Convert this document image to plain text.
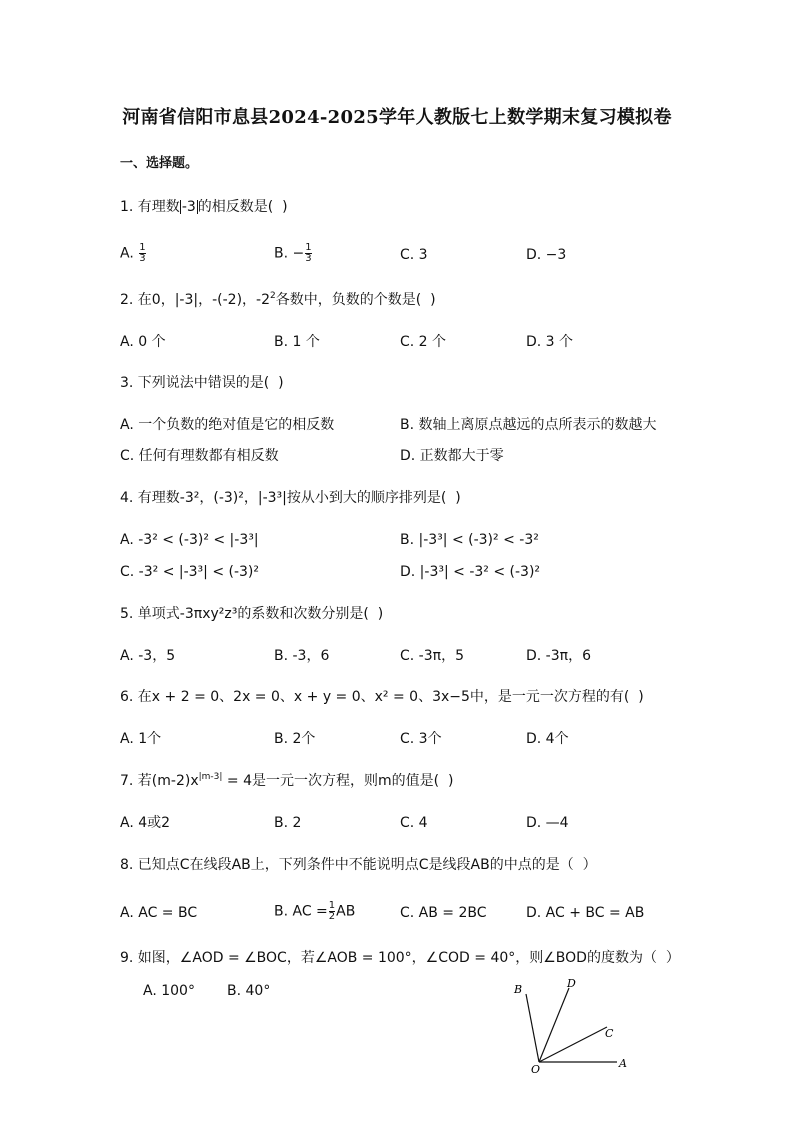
河南省信阳市息县2024-2025学年人教版七上数学期末复习模拟卷
一、选择题。
1. 有理数 -3 的相反数是(  )
A. $\frac{1}{3}$	B. − $\frac{1}{3}$	C. 3	D. −3
2. 在0，|-3|，-(-2)，$-2^2$各数中，负数的个数是(  )
A. 0 个	B. 1 个	C. 2 个	D. 3 个
3. 下列说法中错误的是(  )
A. 一个负数的绝对值是它的相反数	B. 数轴上离原点越远的点所表示的数越大
C. 任何有理数都有相反数	D. 正数都大于零
4. 有理数-3²，(-3)²，|-3³|按从小到大的顺序排列是(  )
A. -3² < (-3)² < |-3³|	B. |-3³| < (-3)² < -3²
C. -3² < |-3³| < (-3)²	D. |-3³| < -3² < (-3)²
5. 单项式-3πxy²z³的系数和次数分别是(  )
A. -3，5	B. -3，6	C. -3π，5	D. -3π，6
6. 在x + 2 = 0、2x = 0、x + y = 0、x² = 0、3x−5中，是一元一次方程的有(  )
A. 1个	B. 2个	C. 3个	D. 4个
7. 若$(m-2)x^{|m-3|} = 4$是一元一次方程，则m的值是(  )
A. 4或2	B. 2	C. 4	D. —4
8. 已知点C在线段AB上，下列条件中不能说明点C是线段AB的中点的是（  ）
A. AC = BC	B. AC = $\frac{1}{2}$ AB	C. AB = 2BC	D. AC + BC = AB
9. 如图，∠AOD = ∠BOC，若∠AOB = 100°，∠COD = 40°，则∠BOD的度数为（  ）
A. 100° B. 40°
O	A
C
D
B
